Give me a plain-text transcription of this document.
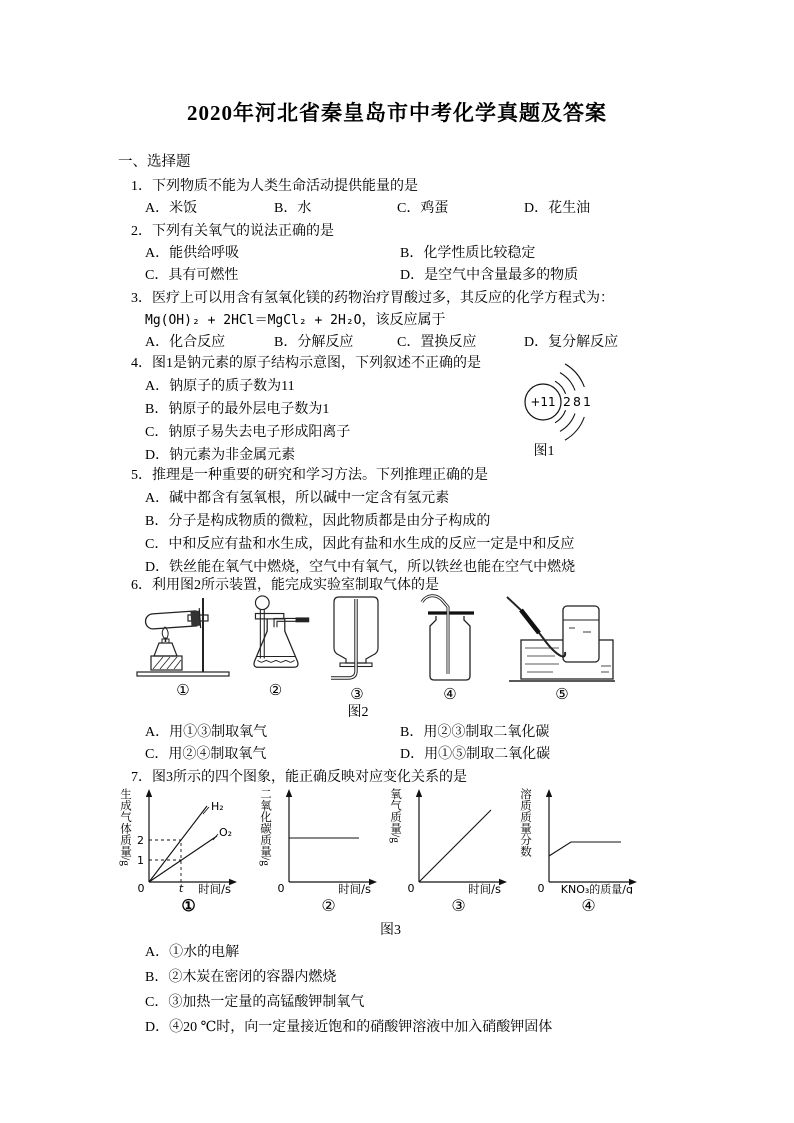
2020年河北省秦皇岛市中考化学真题及答案
一、选择题
1．下列物质不能为人类生命活动提供能量的是
A．米饭	B．水	C．鸡蛋	D．花生油
2．下列有关氧气的说法正确的是
A．能供给呼吸	B．化学性质比较稳定
C．具有可燃性	D．是空气中含量最多的物质
3．医疗上可以用含有氢氧化镁的药物治疗胃酸过多，其反应的化学方程式为：
Mg(OH)₂ + 2HCl＝MgCl₂ + 2H₂O，该反应属于
A．化合反应	B．分解反应	C．置换反应	D．复分解反应
4．图1是钠元素的原子结构示意图，下列叙述不正确的是
A．钠原子的质子数为11
B．钠原子的最外层电子数为1
C．钠原子易失去电子形成阳离子
D．钠元素为非金属元素
+11 2 8 1
图1
5．推理是一种重要的研究和学习方法。下列推理正确的是
A．碱中都含有氢氧根，所以碱中一定含有氢元素
B．分子是构成物质的微粒，因此物质都是由分子构成的
C．中和反应有盐和水生成，因此有盐和水生成的反应一定是中和反应
D．铁丝能在氧气中燃烧，空气中有氧气，所以铁丝也能在空气中燃烧
6．利用图2所示装置，能完成实验室制取气体的是
①	②	③	④	⑤
图2
A．用①③制取氧气	B．用②③制取二氧化碳
C．用②④制取氧气	D．用①⑤制取二氧化碳
7．图3所示的四个图象，能正确反映对应变化关系的是
生成气体质量/g	H₂
O₂
2
1
0	t 时间/s
①
二氧化碳质量/g
0	时间/s
②
氧气质量/g
0	时间/s
③
溶质质量分数
0 KNO₃的质量/g
④
图3
A．①水的电解
B．②木炭在密闭的容器内燃烧
C．③加热一定量的高锰酸钾制氧气
D．④20 ℃时，向一定量接近饱和的硝酸钾溶液中加入硝酸钾固体
